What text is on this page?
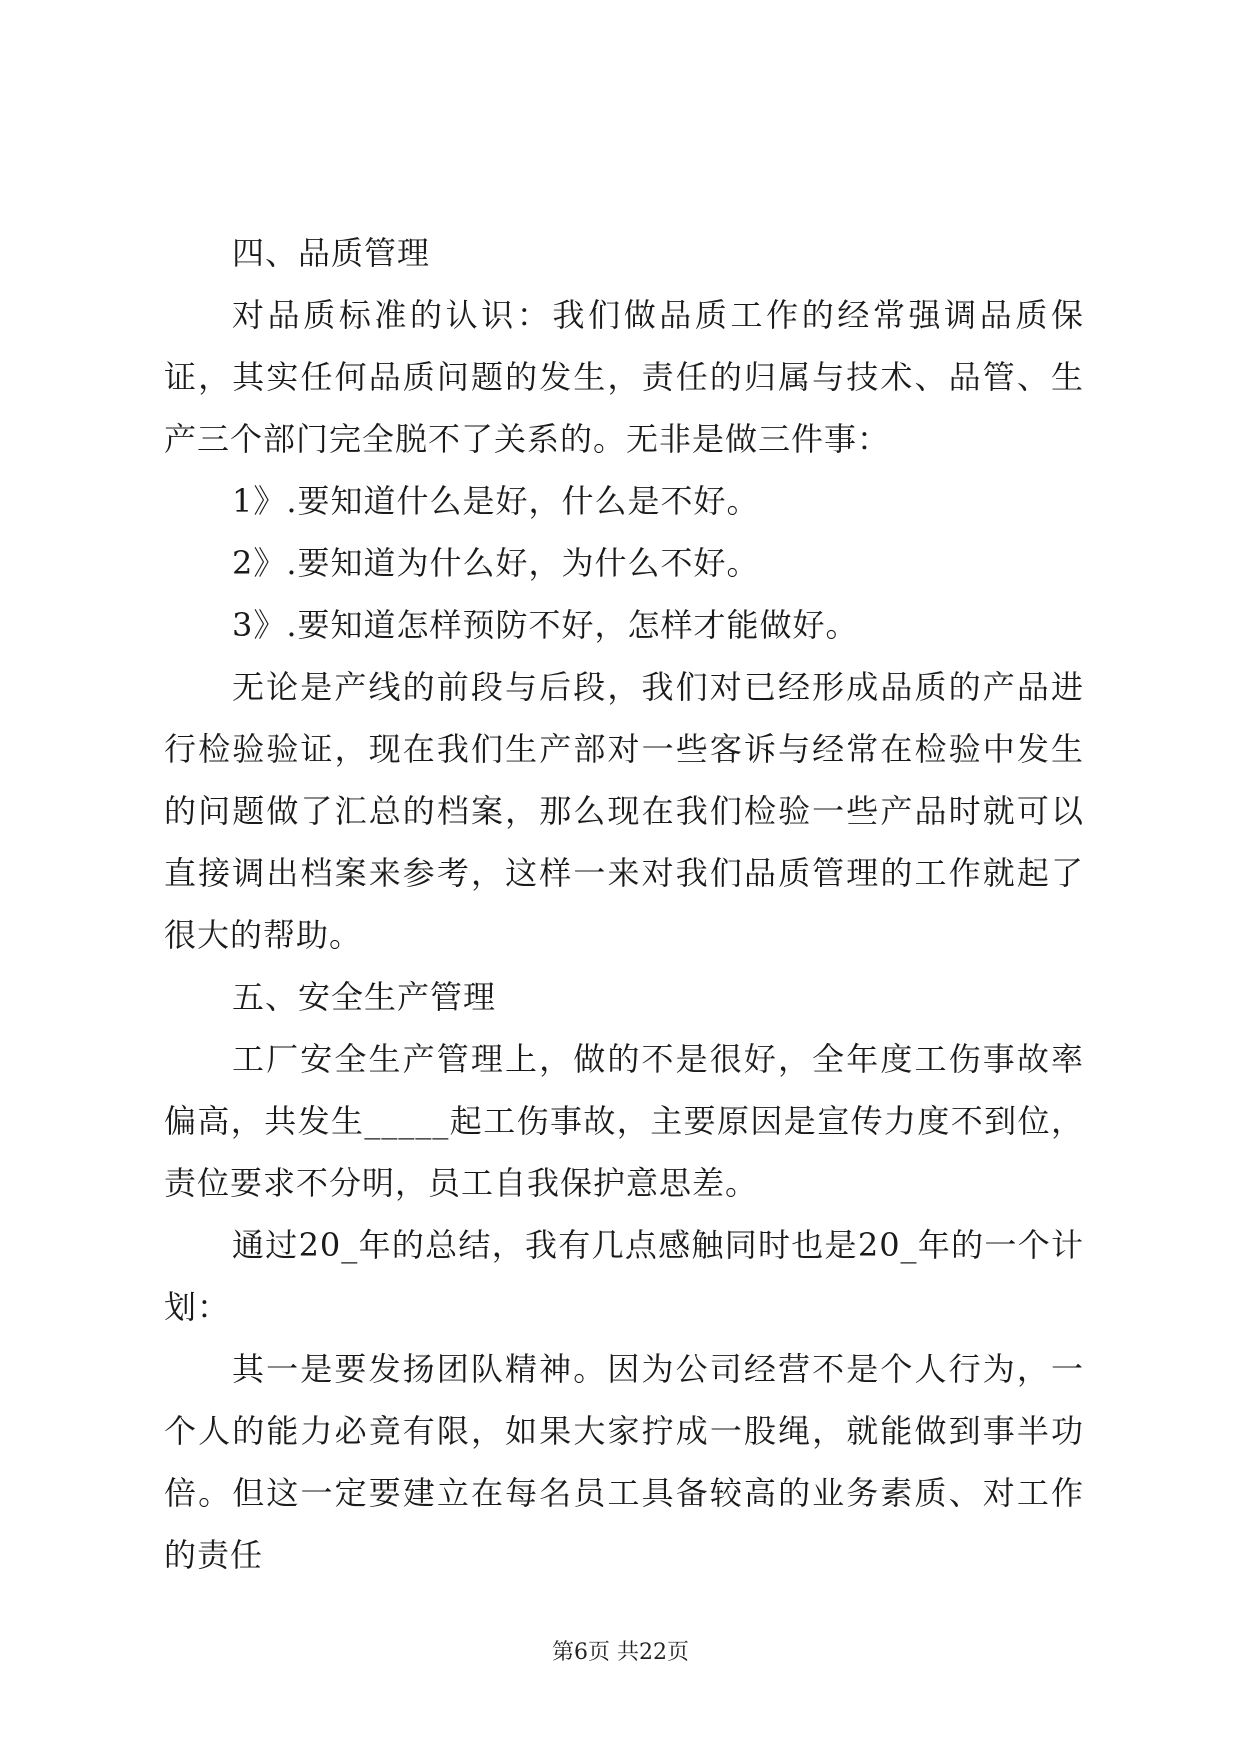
四、品质管理

对品质标准的认识：我们做品质工作的经常强调品质保证，其实任何品质问题的发生，责任的归属与技术、品管、生产三个部门完全脱不了关系的。无非是做三件事：

1》.要知道什么是好，什么是不好。

2》.要知道为什么好，为什么不好。

3》.要知道怎样预防不好，怎样才能做好。

无论是产线的前段与后段，我们对已经形成品质的产品进行检验验证，现在我们生产部对一些客诉与经常在检验中发生的问题做了汇总的档案，那么现在我们检验一些产品时就可以直接调出档案来参考，这样一来对我们品质管理的工作就起了很大的帮助。

五、安全生产管理

工厂安全生产管理上，做的不是很好，全年度工伤事故率偏高，共发生_____起工伤事故，主要原因是宣传力度不到位，责位要求不分明，员工自我保护意思差。

通过20_年的总结，我有几点感触同时也是20_年的一个计划：

其一是要发扬团队精神。因为公司经营不是个人行为，一个人的能力必竟有限，如果大家拧成一股绳，就能做到事半功倍。但这一定要建立在每名员工具备较高的业务素质、对工作的责任

第6页 共22页
